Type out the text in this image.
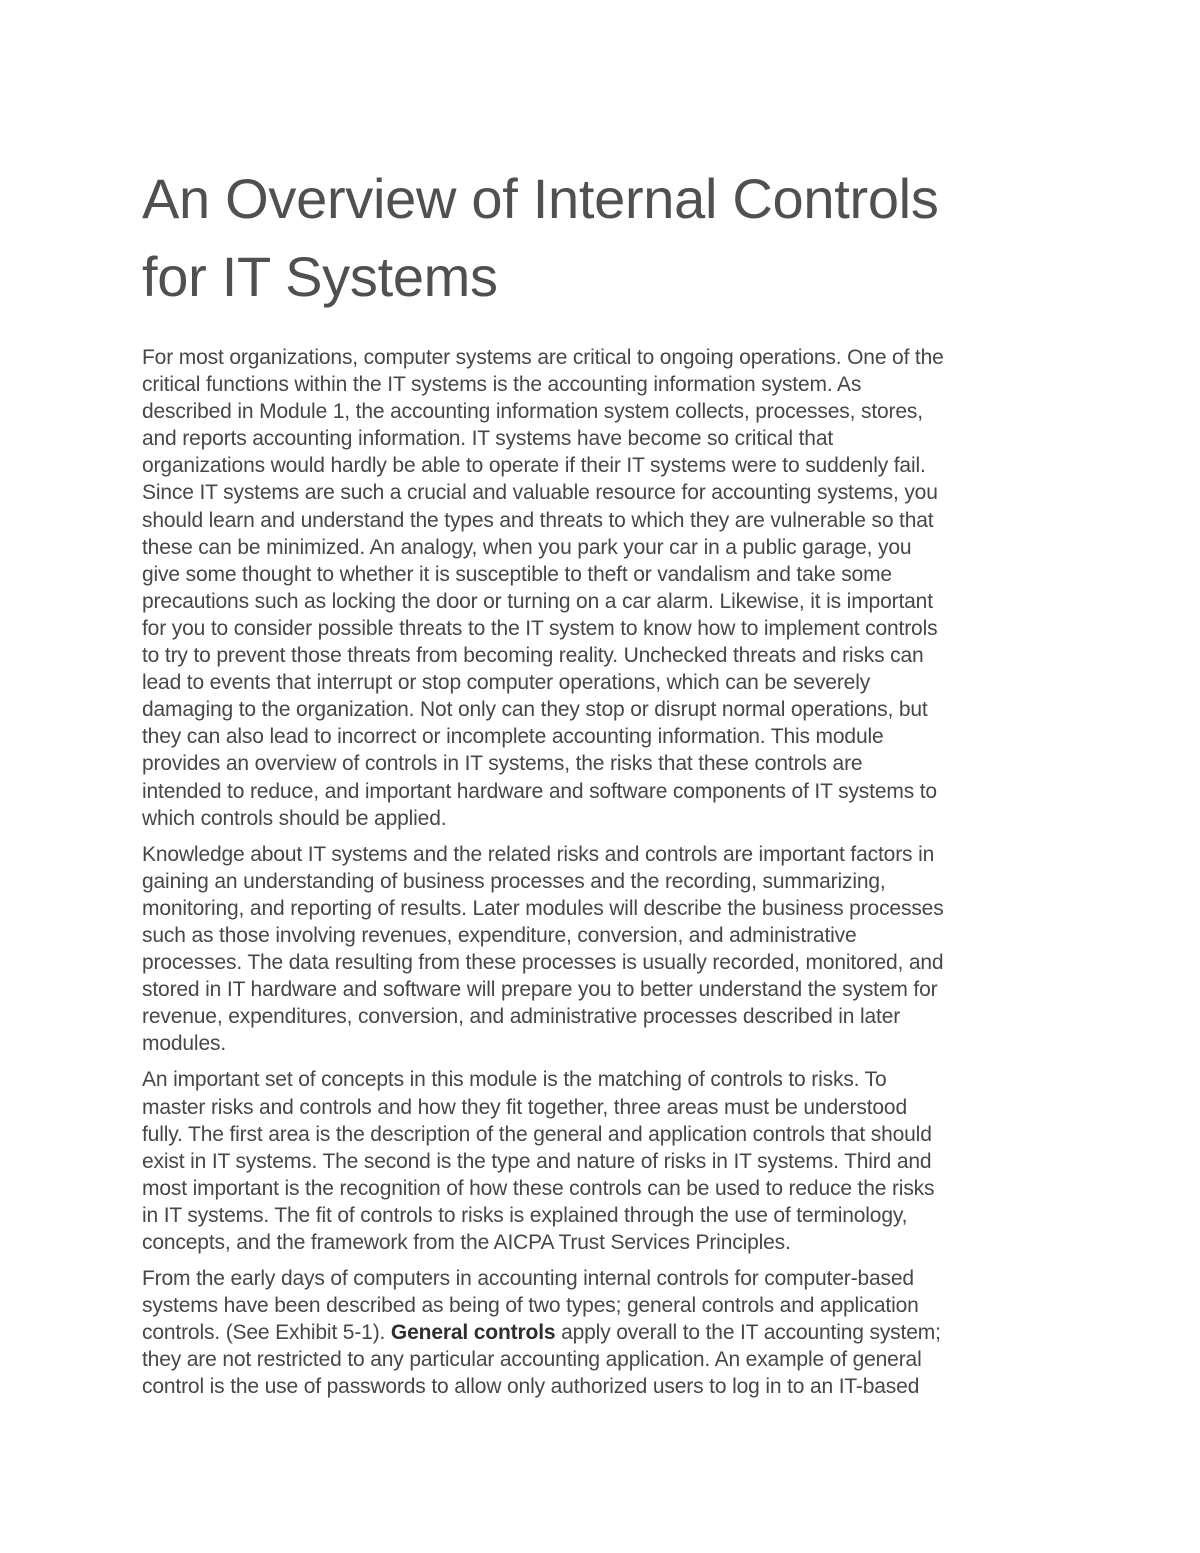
An Overview of Internal Controls
for IT Systems

For most organizations, computer systems are critical to ongoing operations. One of the
critical functions within the IT systems is the accounting information system. As
described in Module 1, the accounting information system collects, processes, stores,
and reports accounting information. IT systems have become so critical that
organizations would hardly be able to operate if their IT systems were to suddenly fail.
Since IT systems are such a crucial and valuable resource for accounting systems, you
should learn and understand the types and threats to which they are vulnerable so that
these can be minimized. An analogy, when you park your car in a public garage, you
give some thought to whether it is susceptible to theft or vandalism and take some
precautions such as locking the door or turning on a car alarm. Likewise, it is important
for you to consider possible threats to the IT system to know how to implement controls
to try to prevent those threats from becoming reality. Unchecked threats and risks can
lead to events that interrupt or stop computer operations, which can be severely
damaging to the organization. Not only can they stop or disrupt normal operations, but
they can also lead to incorrect or incomplete accounting information. This module
provides an overview of controls in IT systems, the risks that these controls are
intended to reduce, and important hardware and software components of IT systems to
which controls should be applied.

Knowledge about IT systems and the related risks and controls are important factors in
gaining an understanding of business processes and the recording, summarizing,
monitoring, and reporting of results. Later modules will describe the business processes
such as those involving revenues, expenditure, conversion, and administrative
processes. The data resulting from these processes is usually recorded, monitored, and
stored in IT hardware and software will prepare you to better understand the system for
revenue, expenditures, conversion, and administrative processes described in later
modules.

An important set of concepts in this module is the matching of controls to risks. To
master risks and controls and how they fit together, three areas must be understood
fully. The first area is the description of the general and application controls that should
exist in IT systems. The second is the type and nature of risks in IT systems. Third and
most important is the recognition of how these controls can be used to reduce the risks
in IT systems. The fit of controls to risks is explained through the use of terminology,
concepts, and the framework from the AICPA Trust Services Principles.

From the early days of computers in accounting internal controls for computer-based
systems have been described as being of two types; general controls and application
controls. (See Exhibit 5-1). General controls apply overall to the IT accounting system;
they are not restricted to any particular accounting application. An example of general
control is the use of passwords to allow only authorized users to log in to an IT-based
